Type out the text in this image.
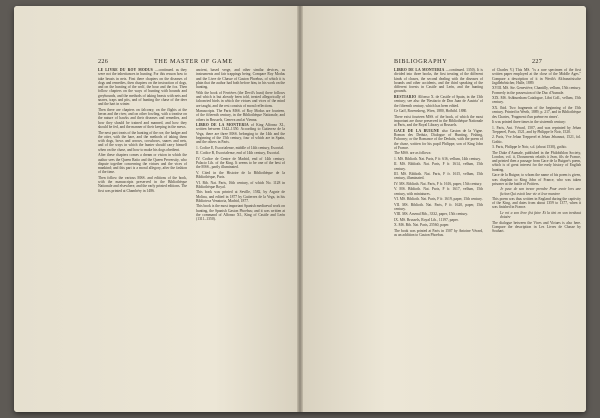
226	THE MASTER OF GAME

LE LIVRE DU ROY MODUS —continued. as they were not the inheritances in hunting. For this reason how to take beasts in nets. First there chapters on the diseases of dogs and remedies, then chapters on the instruction of dogs, and on the hunting of the wolf, the boar and the fox. Then follow chapters on the ways of hunting with hounds and greyhounds, and the methods of taking beasts with nets and snares, traps and pits, and of hunting the chase of the deer and the hart in winter.

Then there are chapters on falconry, on the flights at the heron and the river, and on other fowling, with a treatise on the nature of hawks and their diseases and remedies, and how they should be trained and manned, and how they should be fed, and the manner of their keeping in the mews.

The next part treats of the hunting of the roe, the badger and the otter, with the hare, and the methods of taking them with dogs, bows and arrows, crossbows, snares and nets, and of the ways in which the hunter should carry himself when on the chase, and how to make his dogs obedient.

After these chapters comes a dream or vision in which the author sees the Queen Ratio and the Queen Perversity, who dispute together concerning the virtues and the vices of mankind; and this part is a moral allegory, after the fashion of the time.

Then follow the various MSS. and editions of the book, with the manuscripts preserved in the Bibliothèque Nationale and elsewhere, and the early printed editions. The first was printed at Chambéry in 1486.

ancient, based verge, and other similar devices, as instruments and fair trappings being. Compare Roy Modus and the Livre de Chasse of Gaston Phoebus, of which it is plain that the author had both before him, in his work on the hunting.

With the book of Ferrières (the Devil's hunt) there follows and which is but already been told, treated allegorically of falconried birds in which the virtues and vices of the mind are taught, and the rest consists of moral reflections.

Manuscripts. The Paris MSS. of Roy Modus are fourteen, of the fifteenth century, in the Bibliothèque Nationale, and others in Brussels, Geneva and at Vienna.

LIBRO DE LA MONTERIA of King Alfonso XI., written between 1342–1350. According to Gutierrez de la Vega, there are three MSS. belonging to the 14th and the beginning of the 15th century, four of which are in Spain, and the others in Paris.

1. Codice E, Escorialense, middle of 14th century, Escorial.

II. Codice B, Escorialense, end of 14th century, Escorial.

IV. Codice de Centre de Madrid, end of 14th century. Palacio Lib. of the King. It seems to be one of the best of the MSS., partly illuminated.

V. Cited in the Histoire de la Bibliothèque de la Bibliothèque, Paris.

VI. Bib. Nat. Paris, 16th century, of which No. 1128 in Bibliothèque Royal.

This book was printed at Seville, 1582, by Argote de Molina, and edited in 1877 by Gutierrez de la Vega, in his Biblioteca Venatoria, Madrid, 1877.

This book is the most important Spanish mediaeval work on hunting, the Spanish Gaston Phoebus; and it was written at the command of Alfonso XI., King of Castile and León (1311–1350).

BIBLIOGRAPHY	227

LIBRO DE LA MONTERIA —continued. 1350). It is divided into three books, the first treating of the different kinds of chases, the second dealing with the diseases of hounds and other accidents, and the third speaking of the different forests in Castile and León, and the hunting grounds.

BESTIARIO Alfonso X. de Castile of Spain, in the 13th century; see also the 'Bestiario de Don Juan de Austria' of the fifteenth century, which has been edited.

Ce Gaff, Ravensberg, Wien, 1880, Hofbibl. 1880.

There exist fourteen MSS. of the book, of which the most important are those preserved in the Bibliothèque Nationale at Paris, and the Royal Library at Brussels.

GACE DE LA BUIGNE also Gaston de la Vigne. Roman des Deduiz, Dialogue of Hunting, Fishing, Falconry; or the Romance of the Deduits, with the poem of the chase, written for his pupil Philippe, son of King John of France.

The MSS. are as follows:

1. MS. Biblioth. Nat. Paris, F fr. 616, vellum, 14th century.

II. MS. Biblioth. Nat. Paris, F fr. 1614, vellum, 15th century.

III. MS. Biblioth. Nat. Paris, F fr. 1615, vellum, 15th century, illuminated.

IV. MS. Biblioth. Nat. Paris, F fr. 1616, paper, 15th century.

V. MS. Biblioth. Nat. Paris, F fr. 1617, vellum, 15th century, with miniatures.

VI. MS. Biblioth. Nat. Paris, F fr. 1619, paper, 15th century.

VII. MS. Biblioth. Nat. Paris, F fr. 1620, paper, 15th century.

VIII. MS. Arsenal Bib., 3332, paper, 15th century.

IX. MS. Brussels, Royal Lib., 11197, paper.

X. MS. Bib. Nat. Paris, 25560, paper.

The book was printed at Paris in 1507 by Antoine Vérard, as an addition to Gaston Phoebus.

of Charles V.) This MS. "is a rare specimen of the first written paper employed at the close of the Middle Ages." Compare a description of it in Werth's Altfranzösische Jagdlehrbücher, Halle, 1889.

XVIII. MS. Ste. Geneviève, Chantilly, vellum, 15th century. Formerly in the possession of the Duc d'Aumale.

XIX. MS. Ashburnham Catalogue, Libri Coll., vellum, 15th century.

XX. Ibid. Two fragments of the beginning of the 15th century. Printed in Werth, 1889, p. 217, and in Bibliothèque des Chartes, 'Fragment d'un poème en rimes'.

It was printed three times in the sixteenth century:

1. Paris, Ant. Vérard, 1507, and was reprinted by Jehan Trepperel, Paris, 1521, and by Philippe le Noir, 1520.

2. Paris, Vve Jehan Trepperel et Jehan Jehannot, 1521, fol. Gothic.

3. Paris, Philippe le Noir, s.d. (about 1530), gothic.

The Duke d'Aumale, published in the Philobiblon Society, London, vol. ii, Documents relatifs à Jean, fils de France, and printed then a passage from Gace de la Buigne's poem, which is of great interest for the early history of English hunting.

Gace de la Buigne, to whom the name of his poem is given, was chaplain to King John of France, who was taken prisoner at the battle of Poitiers.

Je peuc de son tresor prendre Pour avoir lors une fiction Qui estoit leur vie et leur maniere

This poem was thus written in England during the captivity of the King, and dates from about 1359 to 1377, when it was finished in France.

Le roi a son livre fist faire Et la tint en son treshaut doiaire

The dialogue between the Vices and Virtues is also here. Compare the description in Les Livres de Chasse by Souhart.
